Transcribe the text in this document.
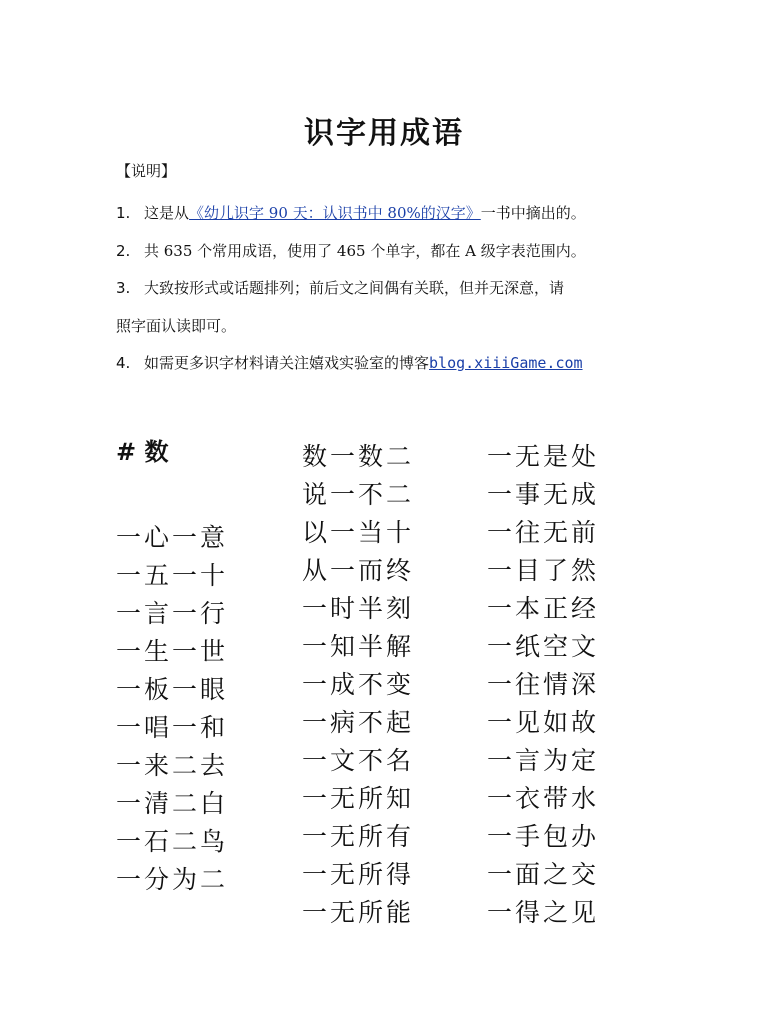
识字用成语
【说明】
1. 这是从《幼儿识字 90 天：认识书中 80%的汉字》一书中摘出的。
2. 共 635 个常用成语，使用了 465 个单字，都在 A 级字表范围内。
3. 大致按形式或话题排列；前后文之间偶有关联，但并无深意，请
照字面认读即可。
4. 如需更多识字材料请关注嬉戏实验室的博客blog.xiiiGame.com
# 数
一心一意
一五一十
一言一行
一生一世
一板一眼
一唱一和
一来二去
一清二白
一石二鸟
一分为二
数一数二
说一不二
以一当十
从一而终
一时半刻
一知半解
一成不变
一病不起
一文不名
一无所知
一无所有
一无所得
一无所能
一无是处
一事无成
一往无前
一目了然
一本正经
一纸空文
一往情深
一见如故
一言为定
一衣带水
一手包办
一面之交
一得之见
